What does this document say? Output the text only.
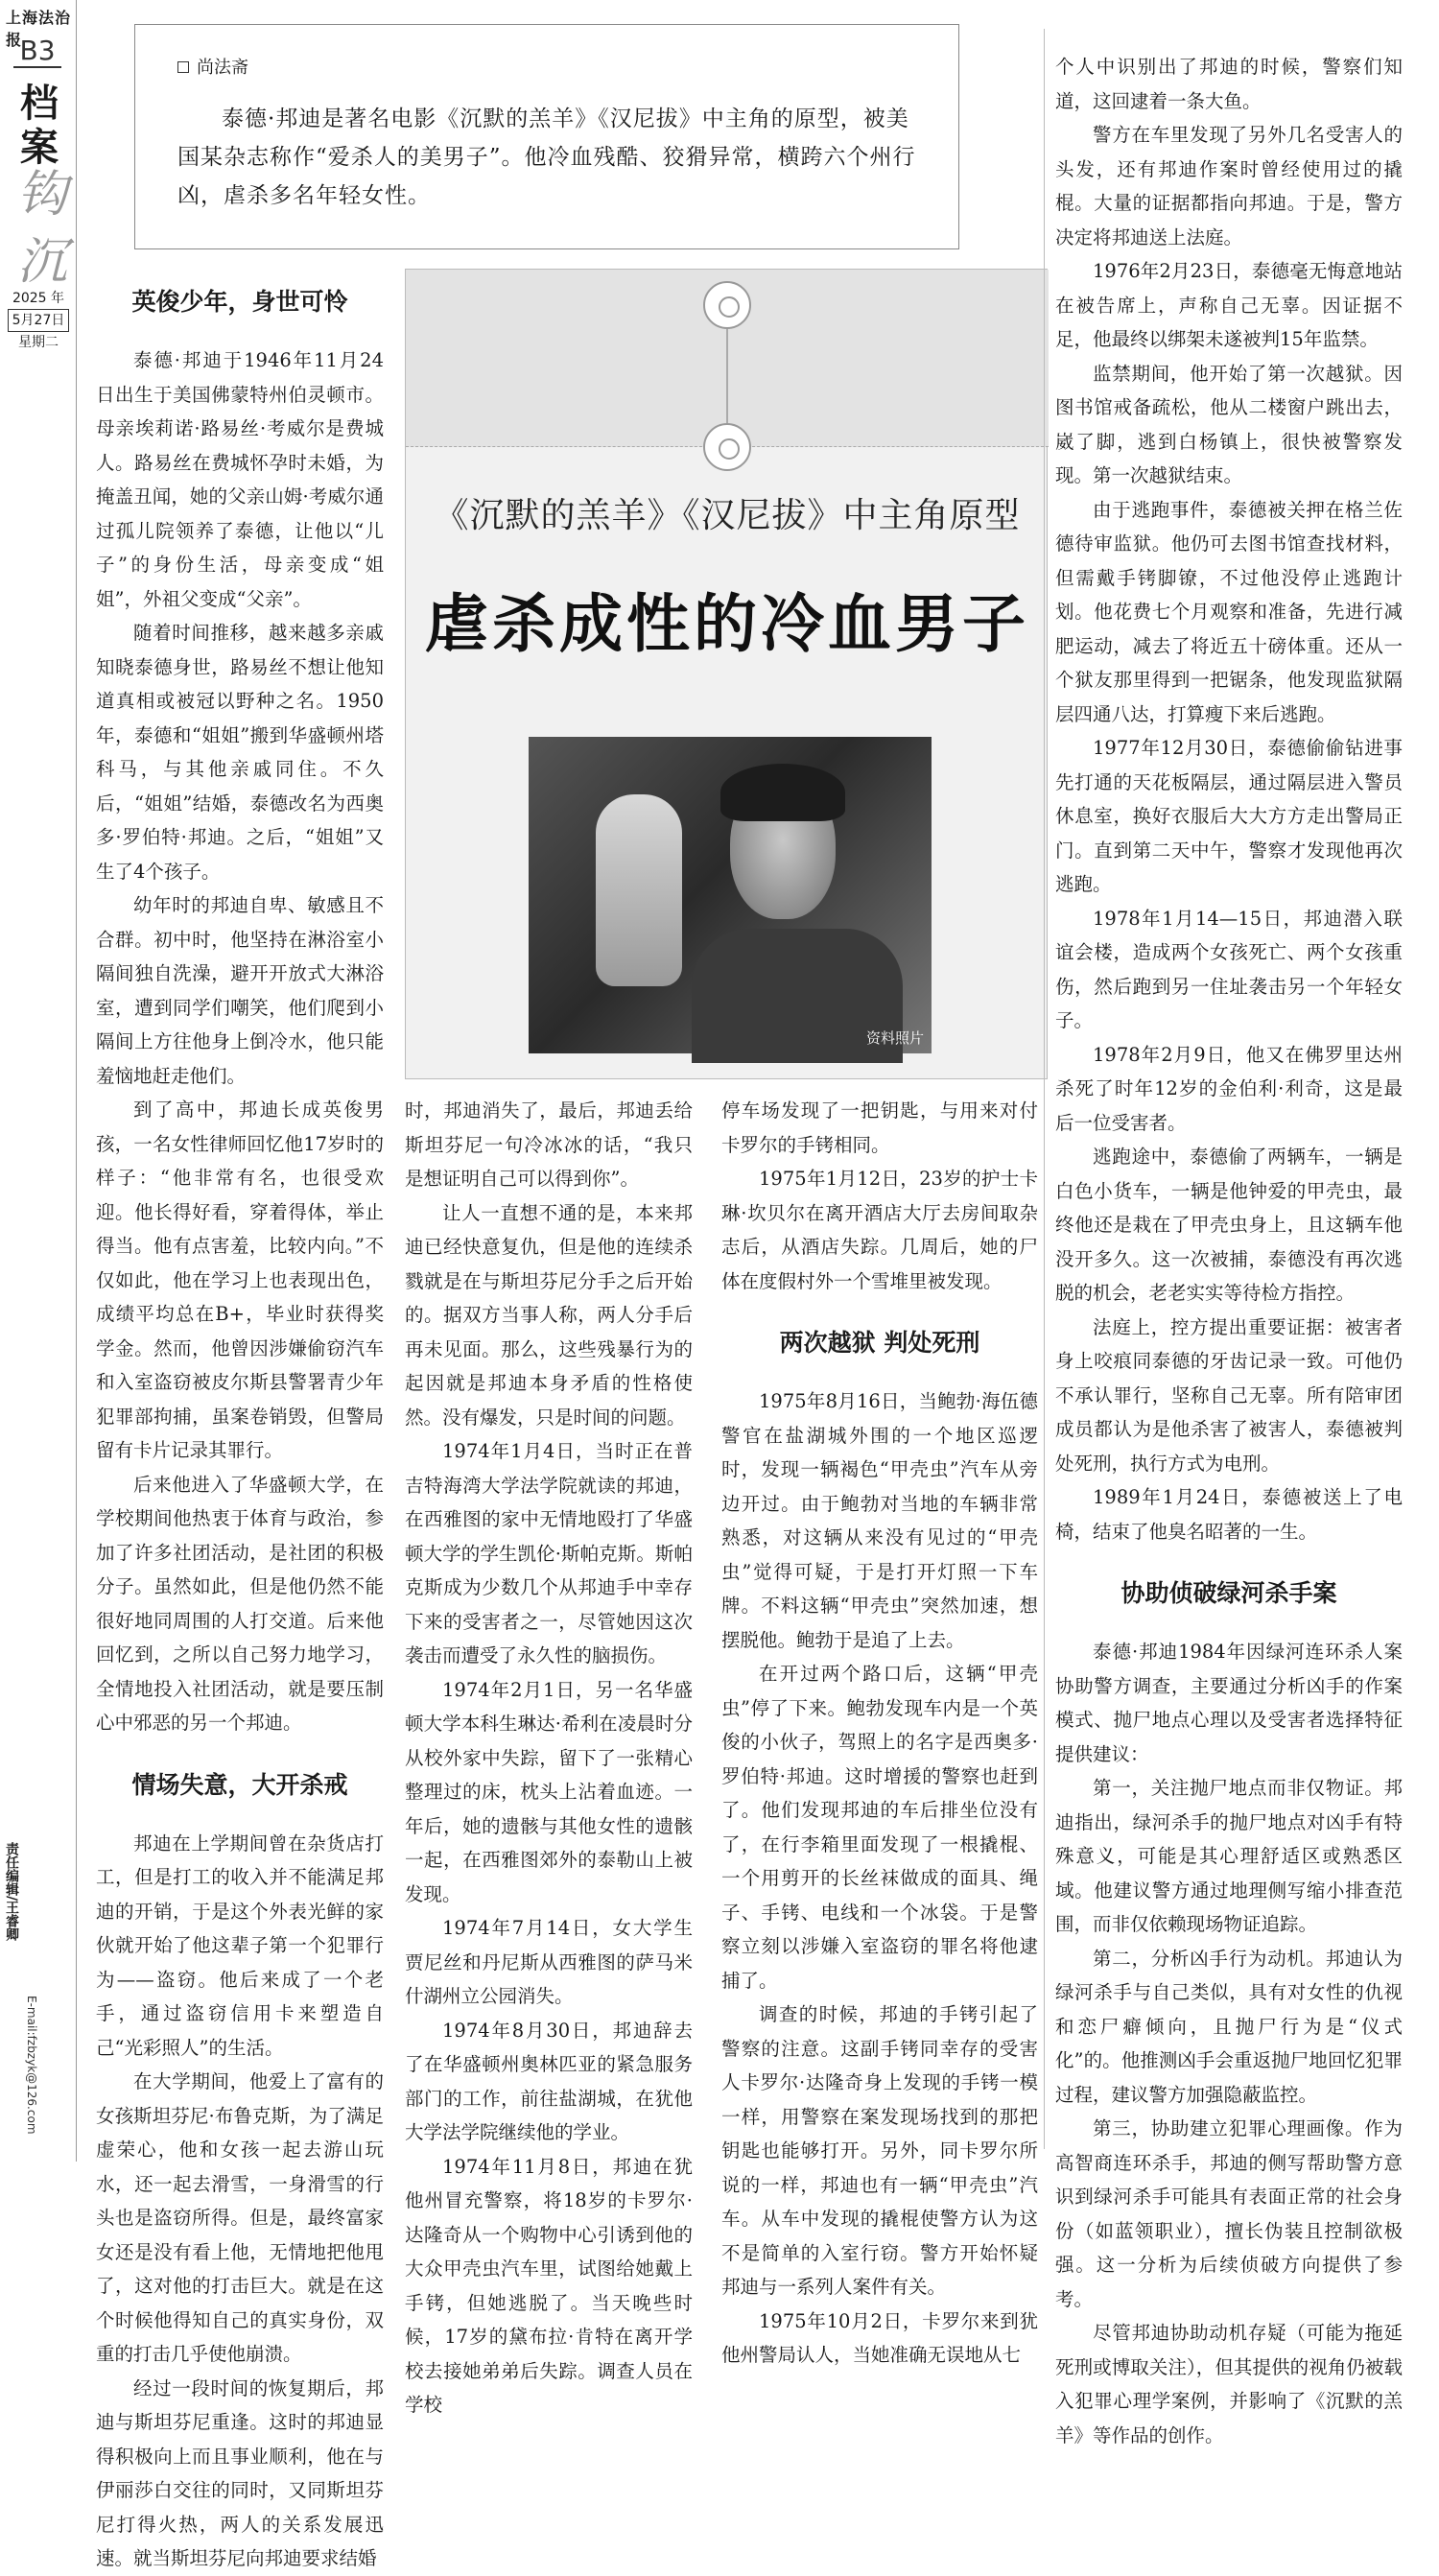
上海法治报
B3
档案
钩沉
2025 年
5月27日
星期二
责任编辑/王睿卿
E-mail:fzbzyk@126.com
尚法斋

泰德·邦迪是著名电影《沉默的羔羊》《汉尼拔》中主角的原型，被美国某杂志称作“爱杀人的美男子”。他冷血残酷、狡猾异常，横跨六个州行凶，虐杀多名年轻女性。

英俊少年，身世可怜

泰德·邦迪于1946年11月24日出生于美国佛蒙特州伯灵顿市。母亲埃莉诺·路易丝·考威尔是费城人。路易丝在费城怀孕时未婚，为掩盖丑闻，她的父亲山姆·考威尔通过孤儿院领养了泰德，让他以“儿子”的身份生活，母亲变成“姐姐”，外祖父变成“父亲”。

随着时间推移，越来越多亲戚知晓泰德身世，路易丝不想让他知道真相或被冠以野种之名。1950年，泰德和“姐姐”搬到华盛顿州塔科马，与其他亲戚同住。不久后，“姐姐”结婚，泰德改名为西奥多·罗伯特·邦迪。之后，“姐姐”又生了4个孩子。

幼年时的邦迪自卑、敏感且不合群。初中时，他坚持在淋浴室小隔间独自洗澡，避开开放式大淋浴室，遭到同学们嘲笑，他们爬到小隔间上方往他身上倒冷水，他只能羞恼地赶走他们。

到了高中，邦迪长成英俊男孩，一名女性律师回忆他17岁时的样子：“他非常有名，也很受欢迎。他长得好看，穿着得体，举止得当。他有点害羞，比较内向。”不仅如此，他在学习上也表现出色，成绩平均总在B+，毕业时获得奖学金。然而，他曾因涉嫌偷窃汽车和入室盗窃被皮尔斯县警署青少年犯罪部拘捕，虽案卷销毁，但警局留有卡片记录其罪行。

后来他进入了华盛顿大学，在学校期间他热衷于体育与政治，参加了许多社团活动，是社团的积极分子。虽然如此，但是他仍然不能很好地同周围的人打交道。后来他回忆到，之所以自己努力地学习，全情地投入社团活动，就是要压制心中邪恶的另一个邦迪。

情场失意，大开杀戒

邦迪在上学期间曾在杂货店打工，但是打工的收入并不能满足邦迪的开销，于是这个外表光鲜的家伙就开始了他这辈子第一个犯罪行为——盗窃。他后来成了一个老手，通过盗窃信用卡来塑造自己“光彩照人”的生活。

在大学期间，他爱上了富有的女孩斯坦芬尼·布鲁克斯，为了满足虚荣心，他和女孩一起去游山玩水，还一起去滑雪，一身滑雪的行头也是盗窃所得。但是，最终富家女还是没有看上他，无情地把他甩了，这对他的打击巨大。就是在这个时候他得知自己的真实身份，双重的打击几乎使他崩溃。

经过一段时间的恢复期后，邦迪与斯坦芬尼重逢。这时的邦迪显得积极向上而且事业顺利，他在与伊丽莎白交往的同时，又同斯坦芬尼打得火热，两人的关系发展迅速。就当斯坦芬尼向邦迪要求结婚

《沉默的羔羊》《汉尼拔》中主角原型
虐杀成性的冷血男子
资料照片

时，邦迪消失了，最后，邦迪丢给斯坦芬尼一句冷冰冰的话，“我只是想证明自己可以得到你”。

让人一直想不通的是，本来邦迪已经快意复仇，但是他的连续杀戮就是在与斯坦芬尼分手之后开始的。据双方当事人称，两人分手后再未见面。那么，这些残暴行为的起因就是邦迪本身矛盾的性格使然。没有爆发，只是时间的问题。

1974年1月4日，当时正在普吉特海湾大学法学院就读的邦迪，在西雅图的家中无情地殴打了华盛顿大学的学生凯伦·斯帕克斯。斯帕克斯成为少数几个从邦迪手中幸存下来的受害者之一，尽管她因这次袭击而遭受了永久性的脑损伤。

1974年2月1日，另一名华盛顿大学本科生琳达·希利在凌晨时分从校外家中失踪，留下了一张精心整理过的床，枕头上沾着血迹。一年后，她的遗骸与其他女性的遗骸一起，在西雅图郊外的泰勒山上被发现。

1974年7月14日，女大学生贾尼丝和丹尼斯从西雅图的萨马米什湖州立公园消失。

1974年8月30日，邦迪辞去了在华盛顿州奥林匹亚的紧急服务部门的工作，前往盐湖城，在犹他大学法学院继续他的学业。

1974年11月8日，邦迪在犹他州冒充警察，将18岁的卡罗尔·达隆奇从一个购物中心引诱到他的大众甲壳虫汽车里，试图给她戴上手铐，但她逃脱了。当天晚些时候，17岁的黛布拉·肯特在离开学校去接她弟弟后失踪。调查人员在学校

停车场发现了一把钥匙，与用来对付卡罗尔的手铐相同。

1975年1月12日，23岁的护士卡琳·坎贝尔在离开酒店大厅去房间取杂志后，从酒店失踪。几周后，她的尸体在度假村外一个雪堆里被发现。

两次越狱 判处死刑

1975年8月16日，当鲍勃·海伍德警官在盐湖城外围的一个地区巡逻时，发现一辆褐色“甲壳虫”汽车从旁边开过。由于鲍勃对当地的车辆非常熟悉，对这辆从来没有见过的“甲壳虫”觉得可疑，于是打开灯照一下车牌。不料这辆“甲壳虫”突然加速，想摆脱他。鲍勃于是追了上去。

在开过两个路口后，这辆“甲壳虫”停了下来。鲍勃发现车内是一个英俊的小伙子，驾照上的名字是西奥多·罗伯特·邦迪。这时增援的警察也赶到了。他们发现邦迪的车后排坐位没有了，在行李箱里面发现了一根撬棍、一个用剪开的长丝袜做成的面具、绳子、手铐、电线和一个冰袋。于是警察立刻以涉嫌入室盗窃的罪名将他逮捕了。

调查的时候，邦迪的手铐引起了警察的注意。这副手铐同幸存的受害人卡罗尔·达隆奇身上发现的手铐一模一样，用警察在案发现场找到的那把钥匙也能够打开。另外，同卡罗尔所说的一样，邦迪也有一辆“甲壳虫”汽车。从车中发现的撬棍使警方认为这不是简单的入室行窃。警方开始怀疑邦迪与一系列人案件有关。

1975年10月2日，卡罗尔来到犹他州警局认人，当她准确无误地从七

个人中识别出了邦迪的时候，警察们知道，这回逮着一条大鱼。

警方在车里发现了另外几名受害人的头发，还有邦迪作案时曾经使用过的撬棍。大量的证据都指向邦迪。于是，警方决定将邦迪送上法庭。

1976年2月23日，泰德毫无悔意地站在被告席上，声称自己无辜。因证据不足，他最终以绑架未遂被判15年监禁。

监禁期间，他开始了第一次越狱。因图书馆戒备疏松，他从二楼窗户跳出去，崴了脚，逃到白杨镇上，很快被警察发现。第一次越狱结束。

由于逃跑事件，泰德被关押在格兰佐德待审监狱。他仍可去图书馆查找材料，但需戴手铐脚镣，不过他没停止逃跑计划。他花费七个月观察和准备，先进行减肥运动，减去了将近五十磅体重。还从一个狱友那里得到一把锯条，他发现监狱隔层四通八达，打算瘦下来后逃跑。

1977年12月30日，泰德偷偷钻进事先打通的天花板隔层，通过隔层进入警员休息室，换好衣服后大大方方走出警局正门。直到第二天中午，警察才发现他再次逃跑。

1978年1月14—15日，邦迪潜入联谊会楼，造成两个女孩死亡、两个女孩重伤，然后跑到另一住址袭击另一个年轻女子。

1978年2月9日，他又在佛罗里达州杀死了时年12岁的金伯利·利奇，这是最后一位受害者。

逃跑途中，泰德偷了两辆车，一辆是白色小货车，一辆是他钟爱的甲壳虫，最终他还是栽在了甲壳虫身上，且这辆车他没开多久。这一次被捕，泰德没有再次逃脱的机会，老老实实等待检方指控。

法庭上，控方提出重要证据：被害者身上咬痕同泰德的牙齿记录一致。可他仍不承认罪行，坚称自己无辜。所有陪审团成员都认为是他杀害了被害人，泰德被判处死刑，执行方式为电刑。

1989年1月24日，泰德被送上了电椅，结束了他臭名昭著的一生。

协助侦破绿河杀手案

泰德·邦迪1984年因绿河连环杀人案协助警方调查，主要通过分析凶手的作案模式、抛尸地点心理以及受害者选择特征提供建议：

第一，关注抛尸地点而非仅物证。邦迪指出，绿河杀手的抛尸地点对凶手有特殊意义，可能是其心理舒适区或熟悉区域。他建议警方通过地理侧写缩小排查范围，而非仅依赖现场物证追踪。

第二，分析凶手行为动机。邦迪认为绿河杀手与自己类似，具有对女性的仇视和恋尸癖倾向，且抛尸行为是“仪式化”的。他推测凶手会重返抛尸地回忆犯罪过程，建议警方加强隐蔽监控。

第三，协助建立犯罪心理画像。作为高智商连环杀手，邦迪的侧写帮助警方意识到绿河杀手可能具有表面正常的社会身份（如蓝领职业），擅长伪装且控制欲极强。这一分析为后续侦破方向提供了参考。

尽管邦迪协助动机存疑（可能为拖延死刑或博取关注），但其提供的视角仍被载入犯罪心理学案例，并影响了《沉默的羔羊》等作品的创作。
